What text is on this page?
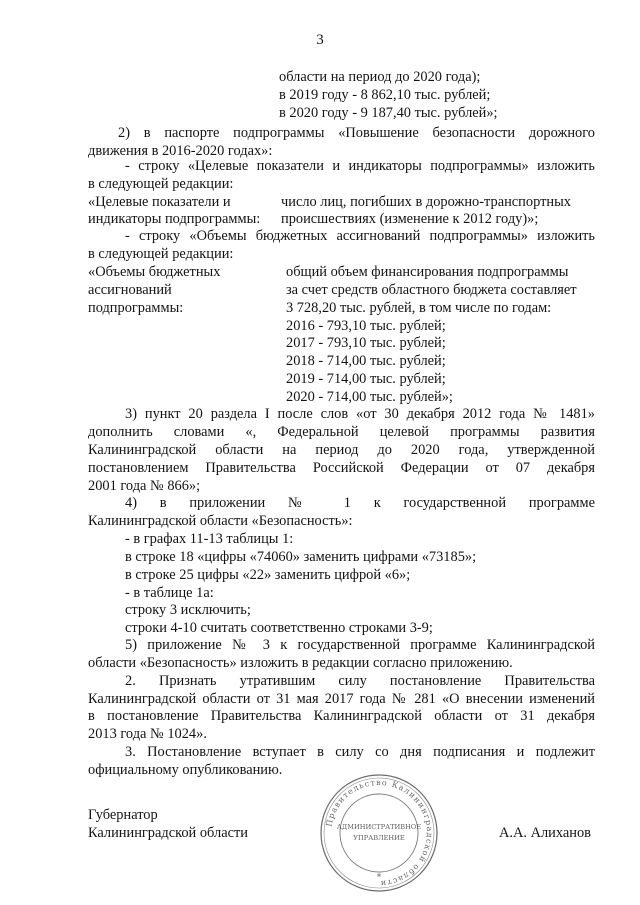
3
области на период до 2020 года);
в 2019 году - 8 862,10 тыс. рублей;
в 2020 году - 9 187,40 тыс. рублей»;
2) в паспорте подпрограммы «Повышение безопасности дорожного
движения в 2016-2020 годах»:
- строку «Целевые показатели и индикаторы подпрограммы» изложить
в следующей редакции:
«Целевые показатели и
индикаторы подпрограммы:
число лиц, погибших в дорожно-транспортных
происшествиях (изменение к 2012 году)»;
- строку «Объемы бюджетных ассигнований подпрограммы» изложить
в следующей редакции:
«Объемы бюджетных
ассигнований
подпрограммы:
общий объем финансирования подпрограммы
за счет средств областного бюджета составляет
3 728,20 тыс. рублей, в том числе по годам:
2016 - 793,10 тыс. рублей;
2017 - 793,10 тыс. рублей;
2018 - 714,00 тыс. рублей;
2019 - 714,00 тыс. рублей;
2020 - 714,00 тыс. рублей»;
3) пункт 20 раздела I после слов «от 30 декабря 2012 года № 1481»
дополнить словами «, Федеральной целевой программы развития
Калининградской области на период до 2020 года, утвержденной
постановлением Правительства Российской Федерации от 07 декабря
2001 года № 866»;
4) в приложении № 1 к государственной программе
Калининградской области «Безопасность»:
- в графах 11-13 таблицы 1:
в строке 18 «цифры «74060» заменить цифрами «73185»;
в строке 25 цифры «22» заменить цифрой «6»;
- в таблице 1а:
строку 3 исключить;
строки 4-10 считать соответственно строками 3-9;
5) приложение № 3 к государственной программе Калининградской
области «Безопасность» изложить в редакции согласно приложению.
2. Признать утратившим силу постановление Правительства
Калининградской области от 31 мая 2017 года № 281 «О внесении изменений
в постановление Правительства Калининградской области от 31 декабря
2013 года № 1024».
3. Постановление вступает в силу со дня подписания и подлежит
официальному опубликованию.
Губернатор
Калининградской области	А.А. Алиханов
Правительство Калининградской области
АДМИНИСТРАТИВНОЕ
УПРАВЛЕНИЕ
*
